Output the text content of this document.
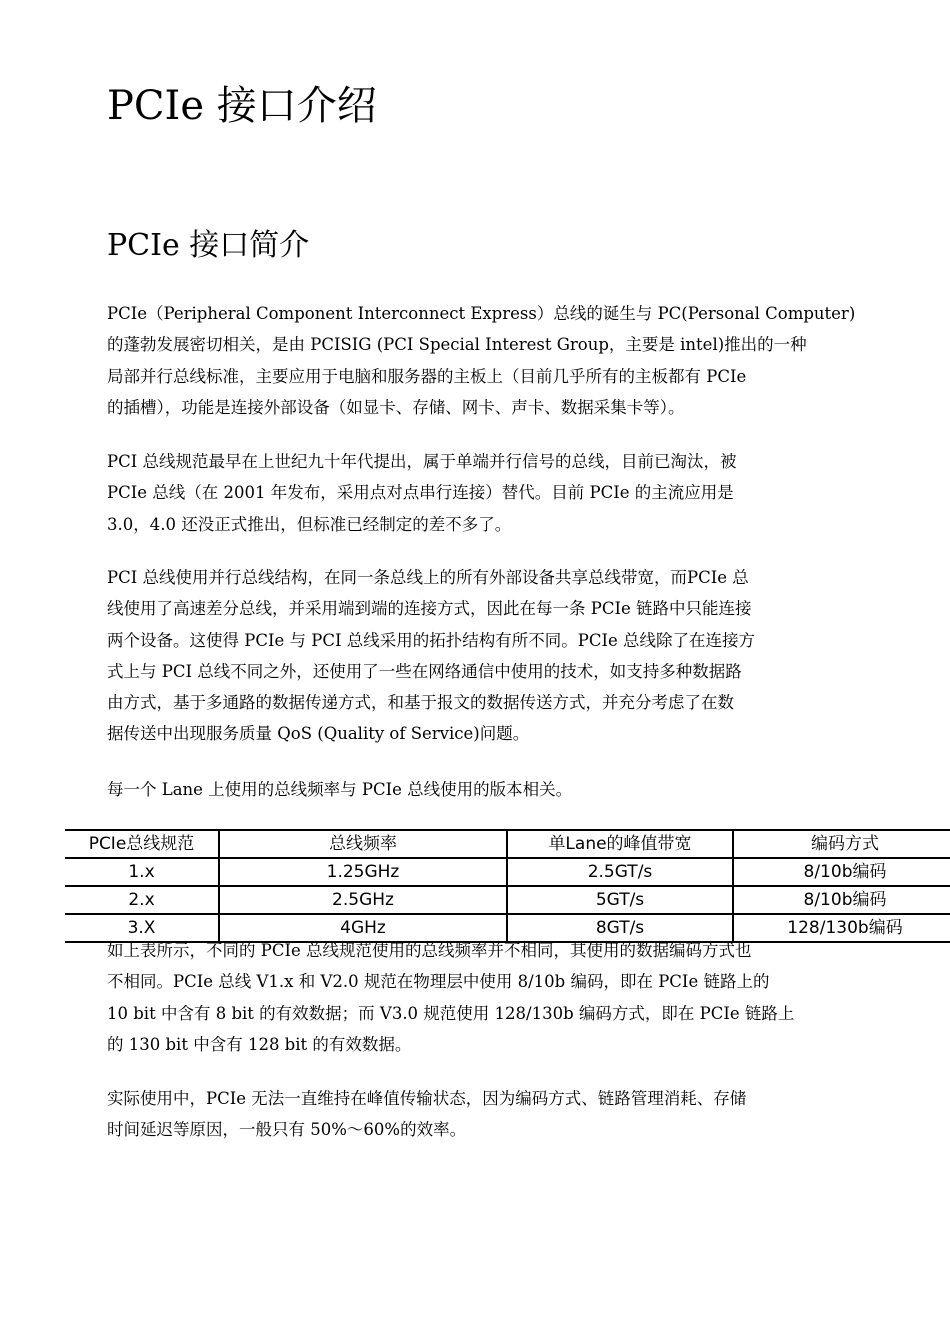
PCIe 接口介绍
PCIe 接口简介

PCIe（Peripheral Component Interconnect Express）总线的诞生与 PC(Personal Computer)
的蓬勃发展密切相关，是由 PCISIG (PCI Special Interest Group，主要是 intel)推出的一种
局部并行总线标准，主要应用于电脑和服务器的主板上（目前几乎所有的主板都有 PCIe
的插槽），功能是连接外部设备（如显卡、存储、网卡、声卡、数据采集卡等）。

PCI 总线规范最早在上世纪九十年代提出，属于单端并行信号的总线，目前已淘汰，被
PCIe 总线（在 2001 年发布，采用点对点串行连接）替代。目前 PCIe 的主流应用是
3.0，4.0 还没正式推出，但标准已经制定的差不多了。

PCI 总线使用并行总线结构，在同一条总线上的所有外部设备共享总线带宽，而PCIe 总
线使用了高速差分总线，并采用端到端的连接方式，因此在每一条 PCIe 链路中只能连接
两个设备。这使得 PCIe 与 PCI 总线采用的拓扑结构有所不同。PCIe 总线除了在连接方
式上与 PCI 总线不同之外，还使用了一些在网络通信中使用的技术，如支持多种数据路
由方式，基于多通路的数据传递方式，和基于报文的数据传送方式，并充分考虑了在数
据传送中出现服务质量 QoS (Quality of Service)问题。

每一个 Lane 上使用的总线频率与 PCIe 总线使用的版本相关。

PCIe总线规范	总线频率	单Lane的峰值带宽	编码方式
1.x	1.25GHz	2.5GT/s	8/10b编码
2.x	2.5GHz	5GT/s	8/10b编码
3.X	4GHz	8GT/s	128/130b编码

如上表所示，不同的 PCIe 总线规范使用的总线频率并不相同，其使用的数据编码方式也
不相同。PCIe 总线 V1.x 和 V2.0 规范在物理层中使用 8/10b 编码，即在 PCIe 链路上的
10 bit 中含有 8 bit 的有效数据；而 V3.0 规范使用 128/130b 编码方式，即在 PCIe 链路上
的 130 bit 中含有 128 bit 的有效数据。

实际使用中，PCIe 无法一直维持在峰值传输状态，因为编码方式、链路管理消耗、存储
时间延迟等原因，一般只有 50%～60%的效率。
